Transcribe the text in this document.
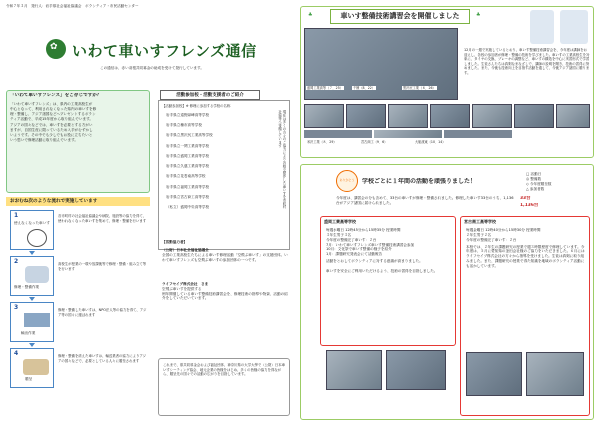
令和７年３月　発行人：岩手県社会福祉協議会　ボランティア・市民活動センター
✿ いわて車いすフレンズ通信
この通信は、赤い羽根共同募金の助成を受けて発行しています。
「いわて車いすフレンズ」をご存じですか？
「いわて車いすフレンズ」は、県内の工業高校生が
中心となって、利用されなくなった県内の車いすを修
理・整備し、アジア諸国などへプレゼントするボラン
ティア活動で、平成15年度から取り組んでいます。
アジアの国々などでは、車いすを必要とする方がい
ますが、自国生産に限っているため入手がむずかし
いようです。その中でも少しでもお役に立ちたいと
いう思いで修理活動に取り組んでいます。
おおむね次のような流れで実施しています
1
使えなくなった車いす
各市町村の社会福祉協議会や病院、施設等の協力を得て、使われなくなった車いすを集めて、修理・整備を行います
2
修理・整備作業
高校生が授業の一環や放課後等で修理・整備・組み立て等を行います
3
輸出作業
修理・整備した車いすは、NPO法人等の協力を得て、アジア等の国々に運ばれます
4
贈呈
修理・整備を終えた車いすは、輸送業者の協力によりアジアの国々などで、必要としている人々に贈呈されます
活動参加校・活動支援者のご紹介
【活動参加校】※ 修理に参加する学校の名称
岩手県立遠野緑峰高等学校
岩手県立種市高等学校
岩手県立黒沢尻工業高等学校
岩手県立一関工業高等学校
岩手県立盛岡工業高等学校
岩手県立久慈工業高等学校
岩手県立花巻南高等学校
岩手県立福岡工業高等学校
岩手県立宮古商工高等学校
（私立）盛岡中央高等学校	現在は多くの方々のご協力により各校で製作した車いすを市町村社協等へ寄贈しています
【活動協力者】
（公財）日本社会福祉協議会
全国の工業高校生たちによる車いす修理活動「空飛ぶ車いす」の支援団体。いわて車いすフレンズも空飛ぶ車いすの参加団体の一つです。
ライフセイブ株式会社　さま
空飛ぶ車いすを提供する
例年開催している車いす整備技術講習会を、修理技術の指導や物資、活動の紹介をしていただいています。
これまで、県共同募金会および福祉団体、神奈川県の大学大學で（公財）日本車いすシーティング協会、地元企業の皆様をはじめ、多くの皆様の協力を得ながら、贈呈先の国々での活動の広がりを目指しています。
車いす整備技術講習会を開催しました
♣	♣
12月の一週で実施しているとおり、車いす整備技術講習会を、今年度は講師をお迎えし、各校の参加者が修理・整備の技術を学びました。車いすの工業高校生を対象に、タイヤの交換、ブレーキの調整など、車いすの構造を中心に実習形式で学習しました。生徒さんたちは真剣なまなざしで、講師の説明を聞き、技術の習得に努めました。また、今後も技術向上を目指す活動を通して、今後アジア諸国に贈ります。
盛岡工業高等（７．25）	千厩（8．22）	黒沢尻工業（８．26）
米沢工業（８．29）	宮古商工（9．6）	大船渡東（10．14）
ありがとう	学校ごとに１年間の活動を頑張りました！
□ 活動日
◎ 整備数
◇ 今年度贈呈数
△ 参加者数
今年度は、講習会の分も含めて、33台の車いすが修理・整備されました。修理した車いす33台のうち、1,136台がアジア諸国に届けられました。
33台
1,136台
盛岡工業高等学校
毎週水曜日 12時45分から15時35分 授業時間
３年生男子３名
今年度の整備完了車いす：２台
7月：いわて車いすフレンズ車いす整備技術講習会参加
10月：文化祭で車いす整備の様子を紹介
1月：課題研究発表会にて活動報告
活動をとおしてボランティアに対する意識が高まりました。
車いすを安全にご利用いただけるよう、技術の習得を目指しました。
宮古商工高等学校
毎週金曜日 12時40分から15時30分 授業時間
２年生男子２名
今年度の整備完了車いす：２台
本校では、２年生の課題研究の授業で週３時限程度で修理しています。今年度は、５月に愛知県の釜田会社様のご協力をいただきました。６月にはライフセイブ株式会社の方々から指導を受けました。生徒は真剣に取り組みました。また、課題研究の授業で得た知識を地域のボランティア活動にも活かしています。
